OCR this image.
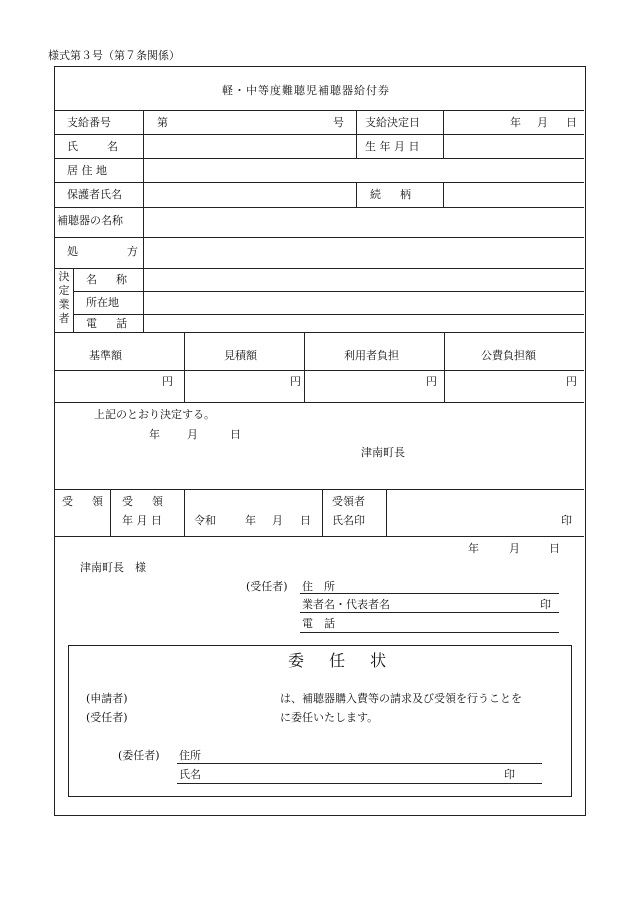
様式第３号（第７条関係）
軽・中等度難聴児補聴器給付券
支給番号	第	号 支給決定日	年 月 日
氏　名	生 年 月 日
居 住 地
保護者氏名	続　柄
補聴器の名称
処　　方
決
定
業
者
名　称
所在地
電　話
基準額	見積額	利用者負担	公費負担額
円	円	円	円
上記のとおり決定する。
年 月	日
津南町長
受　領 受　領
年 月 日	令和	年 月 日
受領者
氏名印	印
年	月	日
津南町長　様
(受任者) 住　所
業者名・代表者名	印
電　話
委 任 状
(申請者)
(受任者)
は、補聴器購入費等の請求及び受領を行うことを
に委任いたします。
(委任者) 住所
氏名	印
